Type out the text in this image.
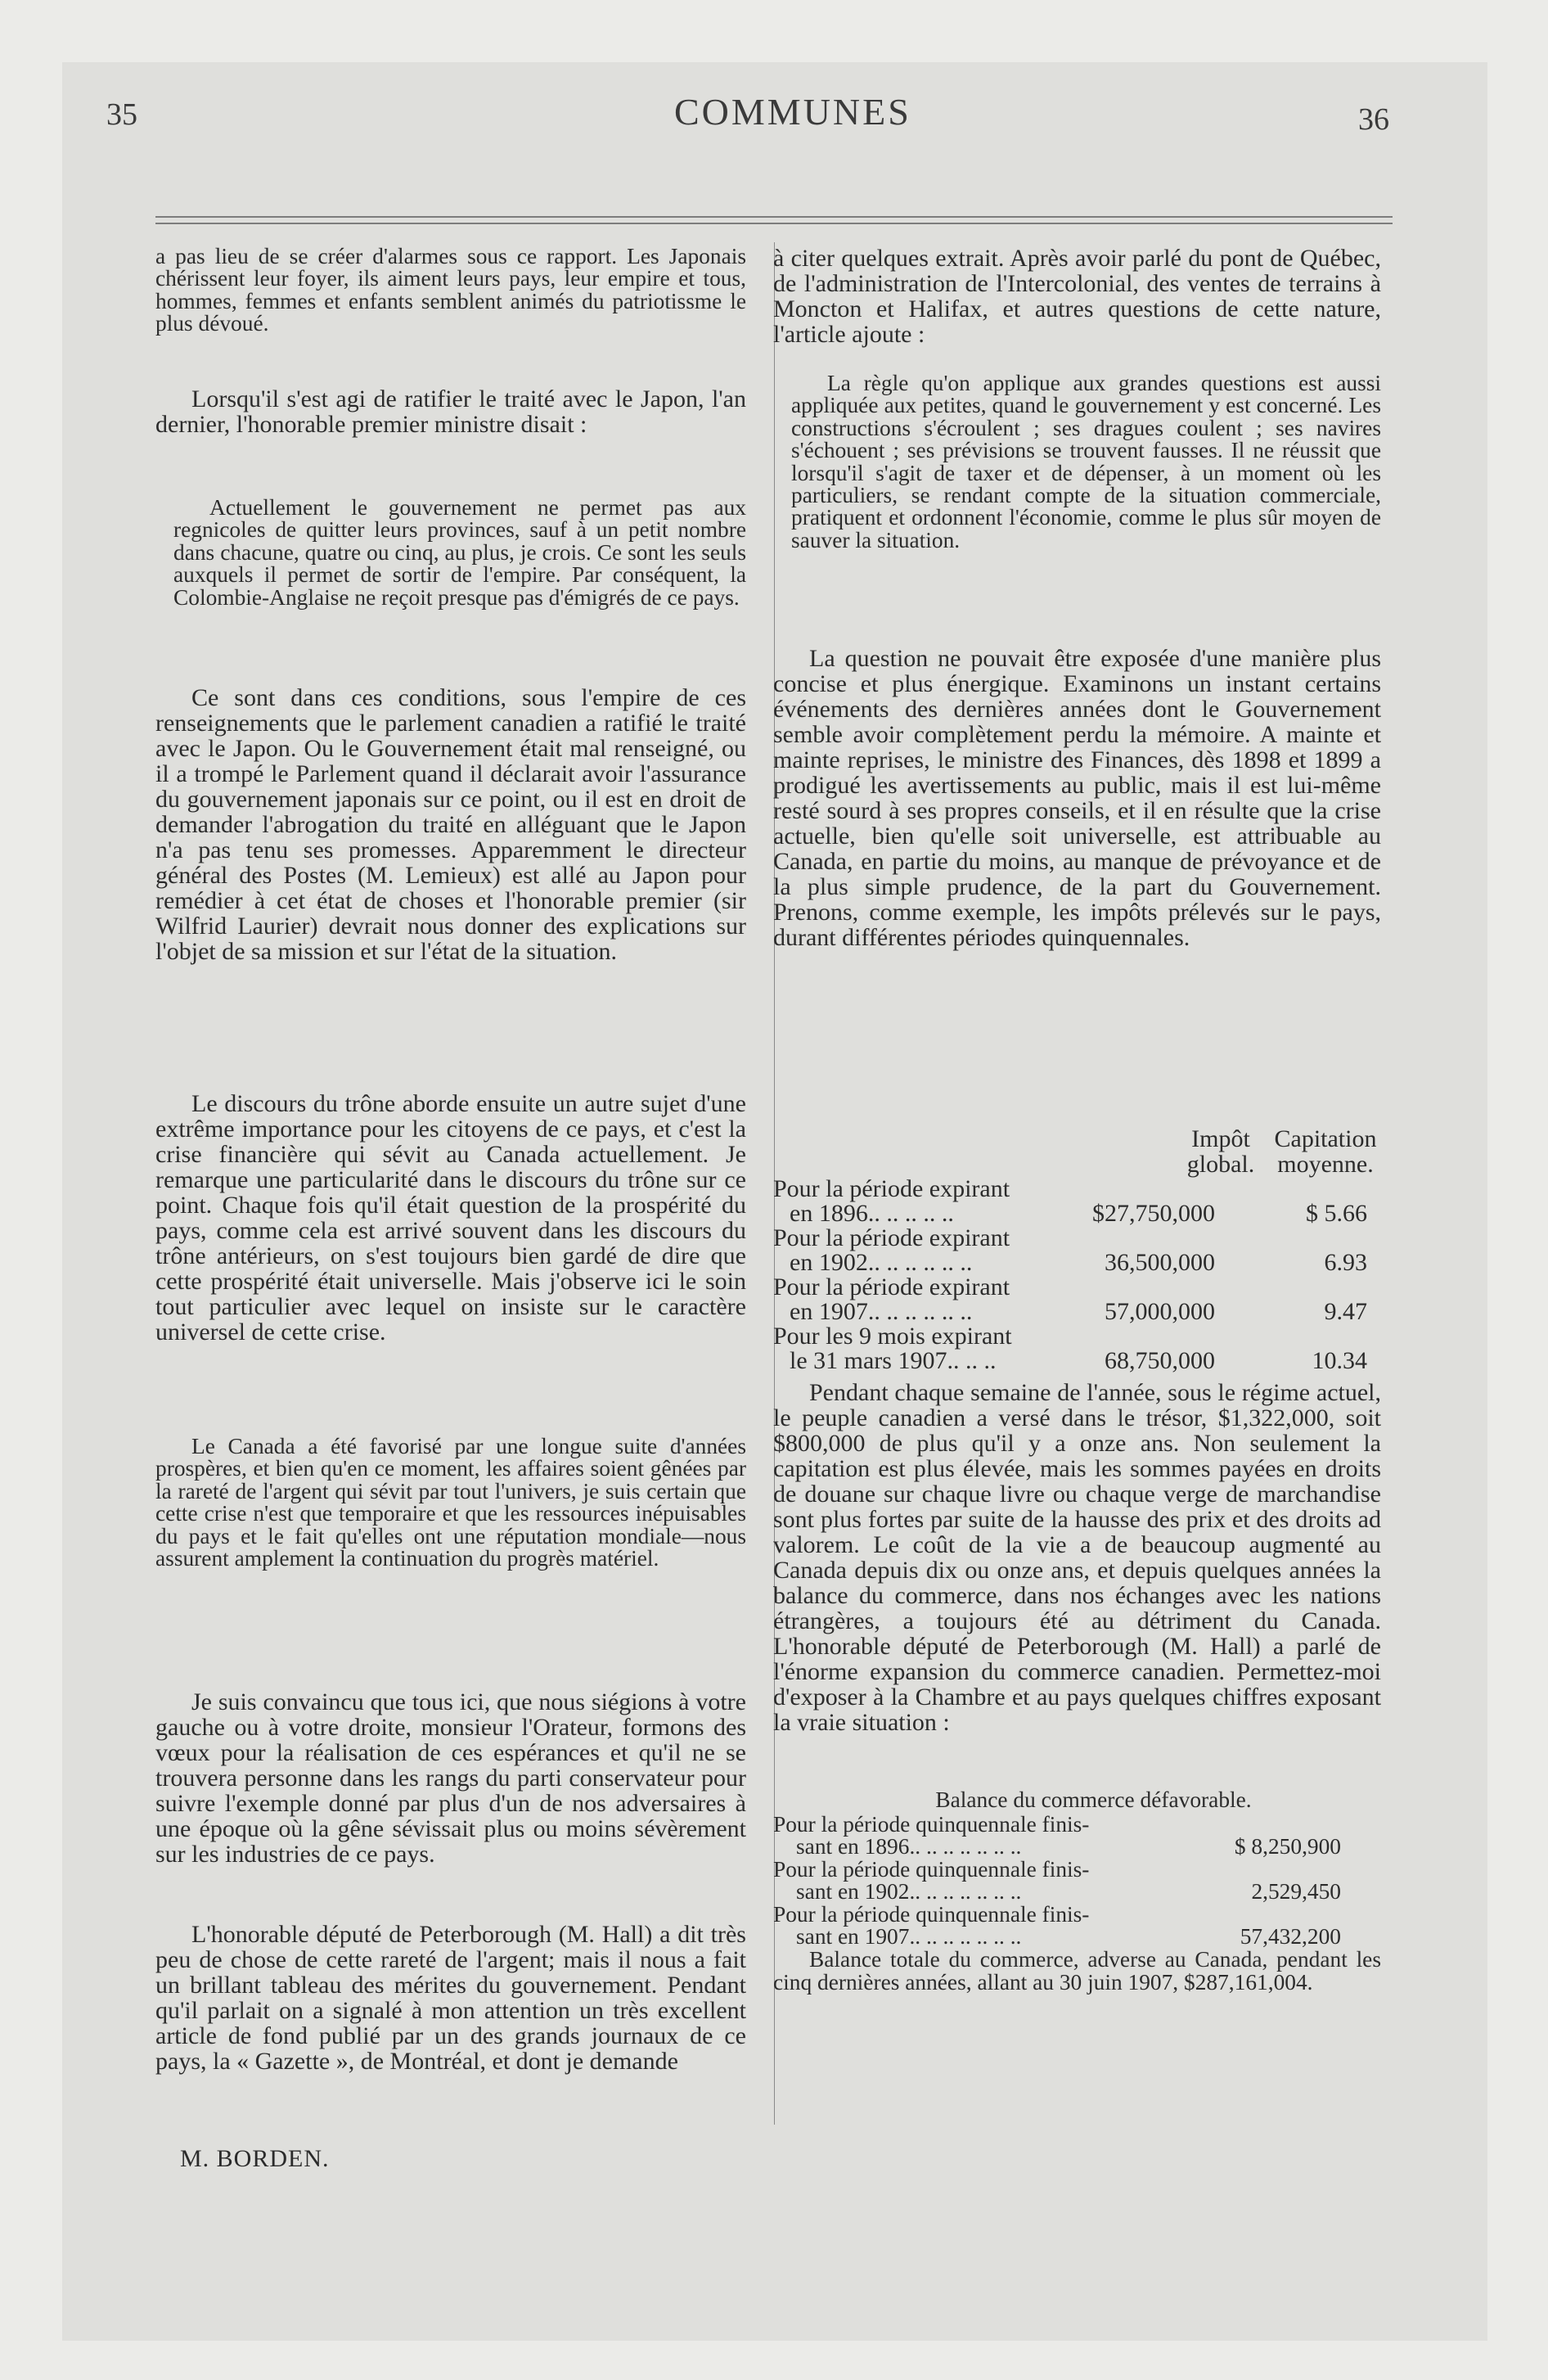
35	COMMUNES	36

a pas lieu de se créer d'alarmes sous ce rapport. Les Japonais chérissent leur foyer, ils aiment leurs pays, leur empire et tous, hommes, femmes et enfants semblent animés du patriotissme le plus dévoué.

Lorsqu'il s'est agi de ratifier le traité avec le Japon, l'an dernier, l'honorable premier ministre disait :

Actuellement le gouvernement ne permet pas aux regnicoles de quitter leurs provinces, sauf à un petit nombre dans chacune, quatre ou cinq, au plus, je crois. Ce sont les seuls auxquels il permet de sortir de l'empire. Par conséquent, la Colombie-Anglaise ne reçoit presque pas d'émigrés de ce pays.

Ce sont dans ces conditions, sous l'empire de ces renseignements que le parlement canadien a ratifié le traité avec le Japon. Ou le Gouvernement était mal renseigné, ou il a trompé le Parlement quand il déclarait avoir l'assurance du gouvernement japonais sur ce point, ou il est en droit de demander l'abrogation du traité en alléguant que le Japon n'a pas tenu ses promesses. Apparemment le directeur général des Postes (M. Lemieux) est allé au Japon pour remédier à cet état de choses et l'honorable premier (sir Wilfrid Laurier) devrait nous donner des explications sur l'objet de sa mission et sur l'état de la situation.

Le discours du trône aborde ensuite un autre sujet d'une extrême importance pour les citoyens de ce pays, et c'est la crise financière qui sévit au Canada actuellement. Je remarque une particularité dans le discours du trône sur ce point. Chaque fois qu'il était question de la prospérité du pays, comme cela est arrivé souvent dans les discours du trône antérieurs, on s'est toujours bien gardé de dire que cette prospérité était universelle. Mais j'observe ici le soin tout particulier avec lequel on insiste sur le caractère universel de cette crise.

Le Canada a été favorisé par une longue suite d'années prospères, et bien qu'en ce moment, les affaires soient gênées par la rareté de l'argent qui sévit par tout l'univers, je suis certain que cette crise n'est que temporaire et que les ressources inépuisables du pays et le fait qu'elles ont une réputation mondiale—nous assurent amplement la continuation du progrès matériel.

Je suis convaincu que tous ici, que nous siégions à votre gauche ou à votre droite, monsieur l'Orateur, formons des vœux pour la réalisation de ces espérances et qu'il ne se trouvera personne dans les rangs du parti conservateur pour suivre l'exemple donné par plus d'un de nos adversaires à une époque où la gêne sévissait plus ou moins sévèrement sur les industries de ce pays.

L'honorable député de Peterborough (M. Hall) a dit très peu de chose de cette rareté de l'argent; mais il nous a fait un brillant tableau des mérites du gouvernement. Pendant qu'il parlait on a signalé à mon attention un très excellent article de fond publié par un des grands journaux de ce pays, la « Gazette », de Montréal, et dont je demande

M. BORDEN.

à citer quelques extrait. Après avoir parlé du pont de Québec, de l'administration de l'Intercolonial, des ventes de terrains à Moncton et Halifax, et autres questions de cette nature, l'article ajoute :

La règle qu'on applique aux grandes questions est aussi appliquée aux petites, quand le gouvernement y est concerné. Les constructions s'écroulent ; ses dragues coulent ; ses navires s'échouent ; ses prévisions se trouvent fausses. Il ne réussit que lorsqu'il s'agit de taxer et de dépenser, à un moment où les particuliers, se rendant compte de la situation commerciale, pratiquent et ordonnent l'économie, comme le plus sûr moyen de sauver la situation.

La question ne pouvait être exposée d'une manière plus concise et plus énergique. Examinons un instant certains événements des dernières années dont le Gouvernement semble avoir complètement perdu la mémoire. A mainte et mainte reprises, le ministre des Finances, dès 1898 et 1899 a prodigué les avertissements au public, mais il est lui-même resté sourd à ses propres conseils, et il en résulte que la crise actuelle, bien qu'elle soit universelle, est attribuable au Canada, en partie du moins, au manque de prévoyance et de la plus simple prudence, de la part du Gouvernement. Prenons, comme exemple, les impôts prélevés sur le pays, durant différentes périodes quinquennales.

Impôt global.
Capitation moyenne.
Pour la période expirant
en 1896.. .. .. .. ..	$27,750,000	$ 5.66
Pour la période expirant
en 1902.. .. .. .. .. ..	36,500,000	6.93
Pour la période expirant
en 1907.. .. .. .. .. ..	57,000,000	9.47
Pour les 9 mois expirant
le 31 mars 1907.. .. ..	68,750,000	10.34

Pendant chaque semaine de l'année, sous le régime actuel, le peuple canadien a versé dans le trésor, $1,322,000, soit $800,000 de plus qu'il y a onze ans. Non seulement la capitation est plus élevée, mais les sommes payées en droits de douane sur chaque livre ou chaque verge de marchandise sont plus fortes par suite de la hausse des prix et des droits ad valorem. Le coût de la vie a de beaucoup augmenté au Canada depuis dix ou onze ans, et depuis quelques années la balance du commerce, dans nos échanges avec les nations étrangères, a toujours été au détriment du Canada. L'honorable député de Peterborough (M. Hall) a parlé de l'énorme expansion du commerce canadien. Permettez-moi d'exposer à la Chambre et au pays quelques chiffres exposant la vraie situation :

Balance du commerce défavorable.
Pour la période quinquennale finis-
sant en 1896.. .. .. .. .. .. ..	$ 8,250,900
Pour la période quinquennale finis-
sant en 1902.. .. .. .. .. .. ..	2,529,450
Pour la période quinquennale finis-
sant en 1907.. .. .. .. .. .. ..	57,432,200

Balance totale du commerce, adverse au Canada, pendant les cinq dernières années, allant au 30 juin 1907, $287,161,004.
